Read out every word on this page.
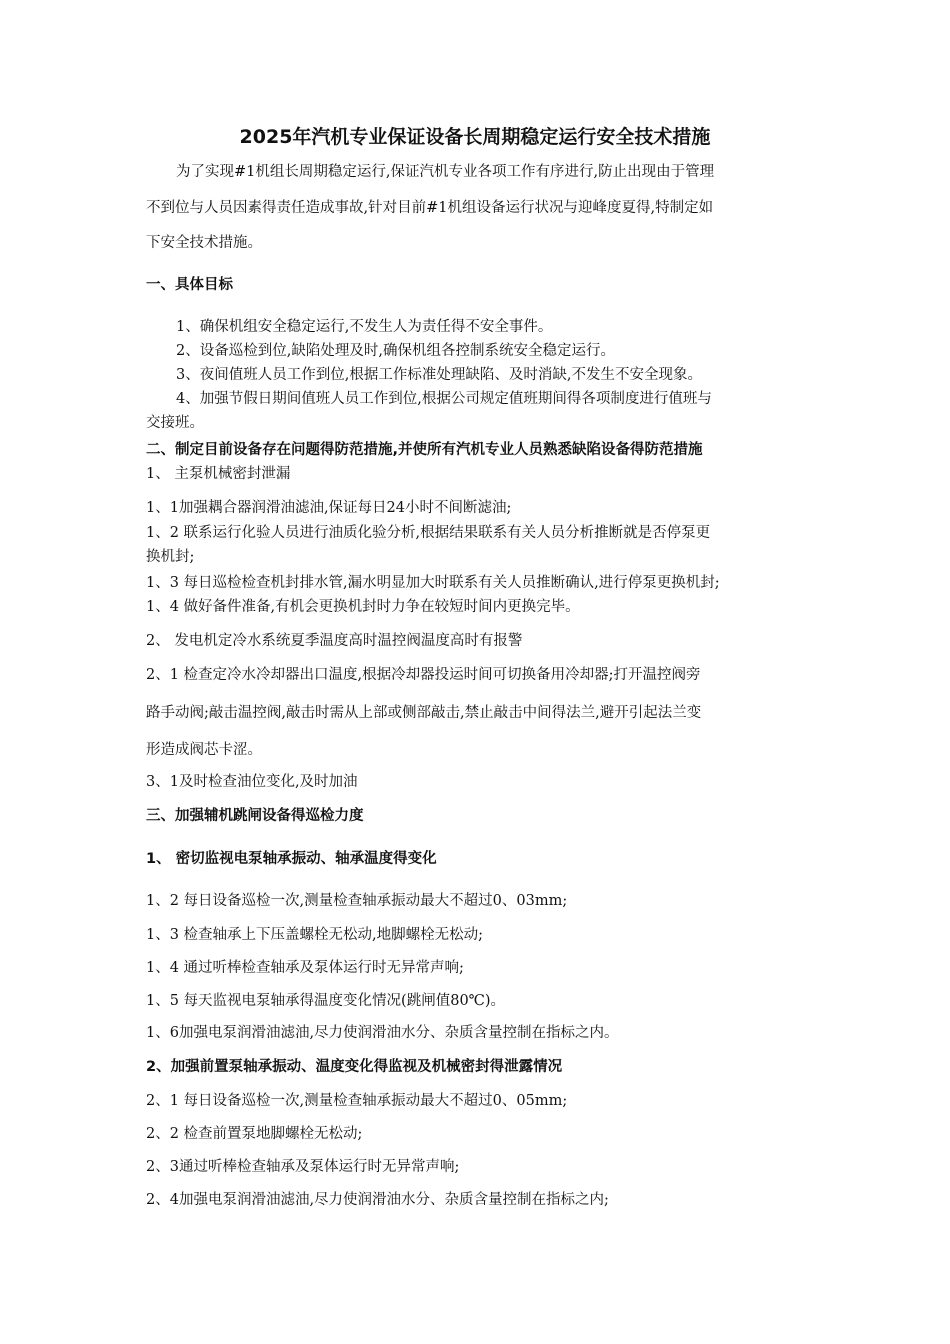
2025年汽机专业保证设备长周期稳定运行安全技术措施
为了实现#1机组长周期稳定运行,保证汽机专业各项工作有序进行,防止出现由于管理
不到位与人员因素得责任造成事故,针对目前#1机组设备运行状况与迎峰度夏得,特制定如
下安全技术措施。
一、具体目标
1、确保机组安全稳定运行,不发生人为责任得不安全事件。
2、设备巡检到位,缺陷处理及时,确保机组各控制系统安全稳定运行。
3、夜间值班人员工作到位,根据工作标准处理缺陷、及时消缺,不发生不安全现象。
4、加强节假日期间值班人员工作到位,根据公司规定值班期间得各项制度进行值班与
交接班。
二、制定目前设备存在问题得防范措施,并使所有汽机专业人员熟悉缺陷设备得防范措施
1、 主泵机械密封泄漏
1、1加强耦合器润滑油滤油,保证每日24小时不间断滤油;
1、2 联系运行化验人员进行油质化验分析,根据结果联系有关人员分析推断就是否停泵更
换机封;
1、3 每日巡检检查机封排水管,漏水明显加大时联系有关人员推断确认,进行停泵更换机封;
1、4 做好备件准备,有机会更换机封时力争在较短时间内更换完毕。
2、 发电机定冷水系统夏季温度高时温控阀温度高时有报警
2、1 检查定冷水冷却器出口温度,根据冷却器投运时间可切换备用冷却器;打开温控阀旁
路手动阀;敲击温控阀,敲击时需从上部或侧部敲击,禁止敲击中间得法兰,避开引起法兰变
形造成阀芯卡涩。
3、1及时检查油位变化,及时加油
三、加强辅机跳闸设备得巡检力度
1、 密切监视电泵轴承振动、轴承温度得变化
1、2 每日设备巡检一次,测量检查轴承振动最大不超过0、03mm;
1、3 检查轴承上下压盖螺栓无松动,地脚螺栓无松动;
1、4 通过听棒检查轴承及泵体运行时无异常声响;
1、5 每天监视电泵轴承得温度变化情况(跳闸值80℃)。
1、6加强电泵润滑油滤油,尽力使润滑油水分、杂质含量控制在指标之内。
2、加强前置泵轴承振动、温度变化得监视及机械密封得泄露情况
2、1 每日设备巡检一次,测量检查轴承振动最大不超过0、05mm;
2、2 检查前置泵地脚螺栓无松动;
2、3通过听棒检查轴承及泵体运行时无异常声响;
2、4加强电泵润滑油滤油,尽力使润滑油水分、杂质含量控制在指标之内;
